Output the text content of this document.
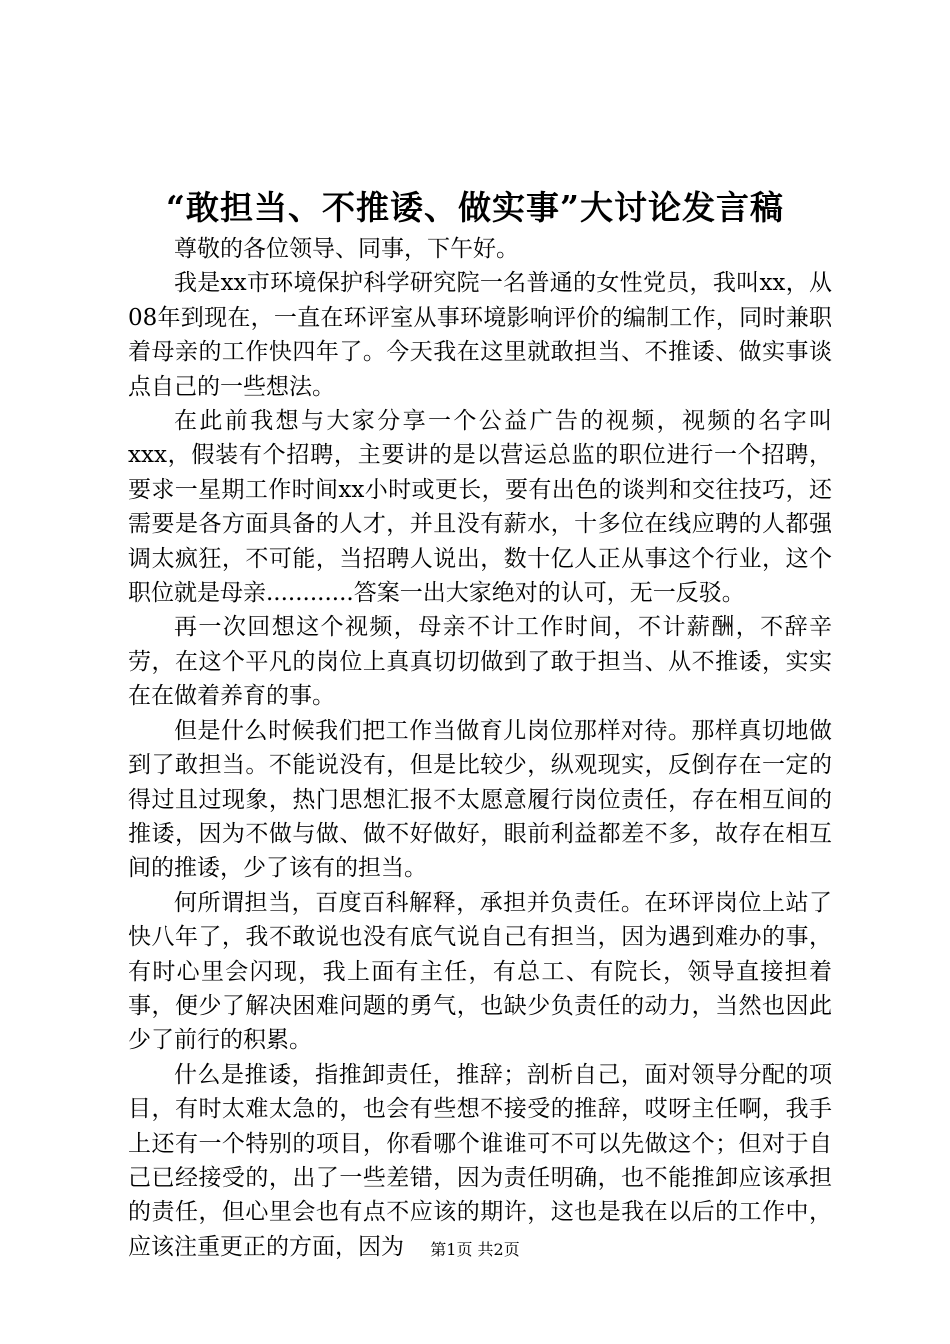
“敢担当、不推诿、做实事”大讨论发言稿

尊敬的各位领导、同事，下午好。

我是xx市环境保护科学研究院一名普通的女性党员，我叫xx，从08年到现在，一直在环评室从事环境影响评价的编制工作，同时兼职着母亲的工作快四年了。今天我在这里就敢担当、不推诿、做实事谈点自己的一些想法。

在此前我想与大家分享一个公益广告的视频，视频的名字叫xxx，假装有个招聘，主要讲的是以营运总监的职位进行一个招聘，要求一星期工作时间xx小时或更长，要有出色的谈判和交往技巧，还需要是各方面具备的人才，并且没有薪水，十多位在线应聘的人都强调太疯狂，不可能，当招聘人说出，数十亿人正从事这个行业，这个职位就是母亲............答案一出大家绝对的认可，无一反驳。

再一次回想这个视频，母亲不计工作时间，不计薪酬，不辞辛劳，在这个平凡的岗位上真真切切做到了敢于担当、从不推诿，实实在在做着养育的事。

但是什么时候我们把工作当做育儿岗位那样对待。那样真切地做到了敢担当。不能说没有，但是比较少，纵观现实，反倒存在一定的得过且过现象，热门思想汇报不太愿意履行岗位责任，存在相互间的推诿，因为不做与做、做不好做好，眼前利益都差不多，故存在相互间的推诿，少了该有的担当。

何所谓担当，百度百科解释，承担并负责任。在环评岗位上站了快八年了，我不敢说也没有底气说自己有担当，因为遇到难办的事，有时心里会闪现，我上面有主任，有总工、有院长，领导直接担着事，便少了解决困难问题的勇气，也缺少负责任的动力，当然也因此少了前行的积累。

什么是推诿，指推卸责任，推辞；剖析自己，面对领导分配的项目，有时太难太急的，也会有些想不接受的推辞，哎呀主任啊，我手上还有一个特别的项目，你看哪个谁谁可不可以先做这个；但对于自己已经接受的，出了一些差错，因为责任明确，也不能推卸应该承担的责任，但心里会也有点不应该的期许，这也是我在以后的工作中，应该注重更正的方面，因为	第1页 共2页
